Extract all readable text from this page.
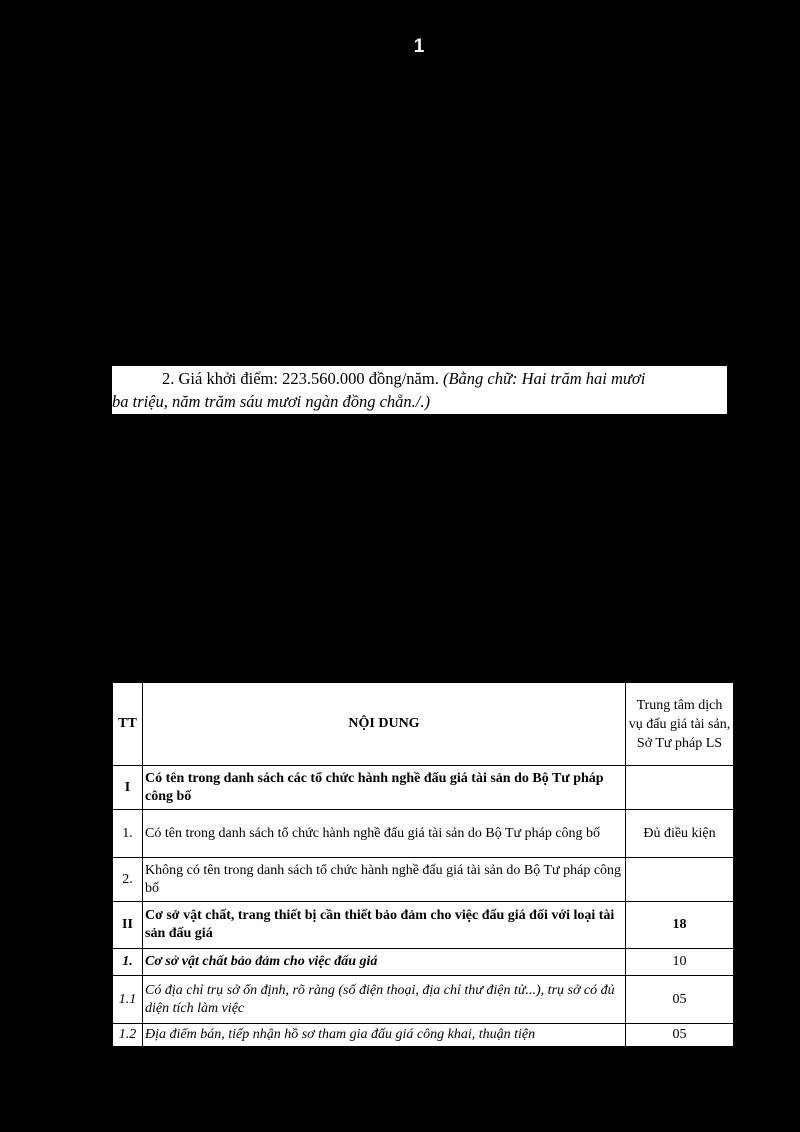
1
2. Giá khởi điểm: 223.560.000 đồng/năm. (Bằng chữ: Hai trăm hai mươi
ba triệu, năm trăm sáu mươi ngàn đồng chẵn./.)
TT	NỘI DUNG	Trung tâm dịch vụ đấu giá tài sản, Sở Tư pháp LS
I	Có tên trong danh sách các tổ chức hành nghề đấu giá tài sản do Bộ Tư pháp công bố	
1.	Có tên trong danh sách tổ chức hành nghề đấu giá tài sản do Bộ Tư pháp công bố	Đủ điều kiện
2.	Không có tên trong danh sách tổ chức hành nghề đấu giá tài sản do Bộ Tư pháp công bố	
II	Cơ sở vật chất, trang thiết bị cần thiết bảo đảm cho việc đấu giá đối với loại tài sản đấu giá	18
1.	Cơ sở vật chất bảo đảm cho việc đấu giá	10
1.1	Có địa chỉ trụ sở ổn định, rõ ràng (số điện thoại, địa chỉ thư điện tử...), trụ sở có đủ diện tích làm việc	05
1.2	Địa điểm bán, tiếp nhận hồ sơ tham gia đấu giá công khai, thuận tiện	05
